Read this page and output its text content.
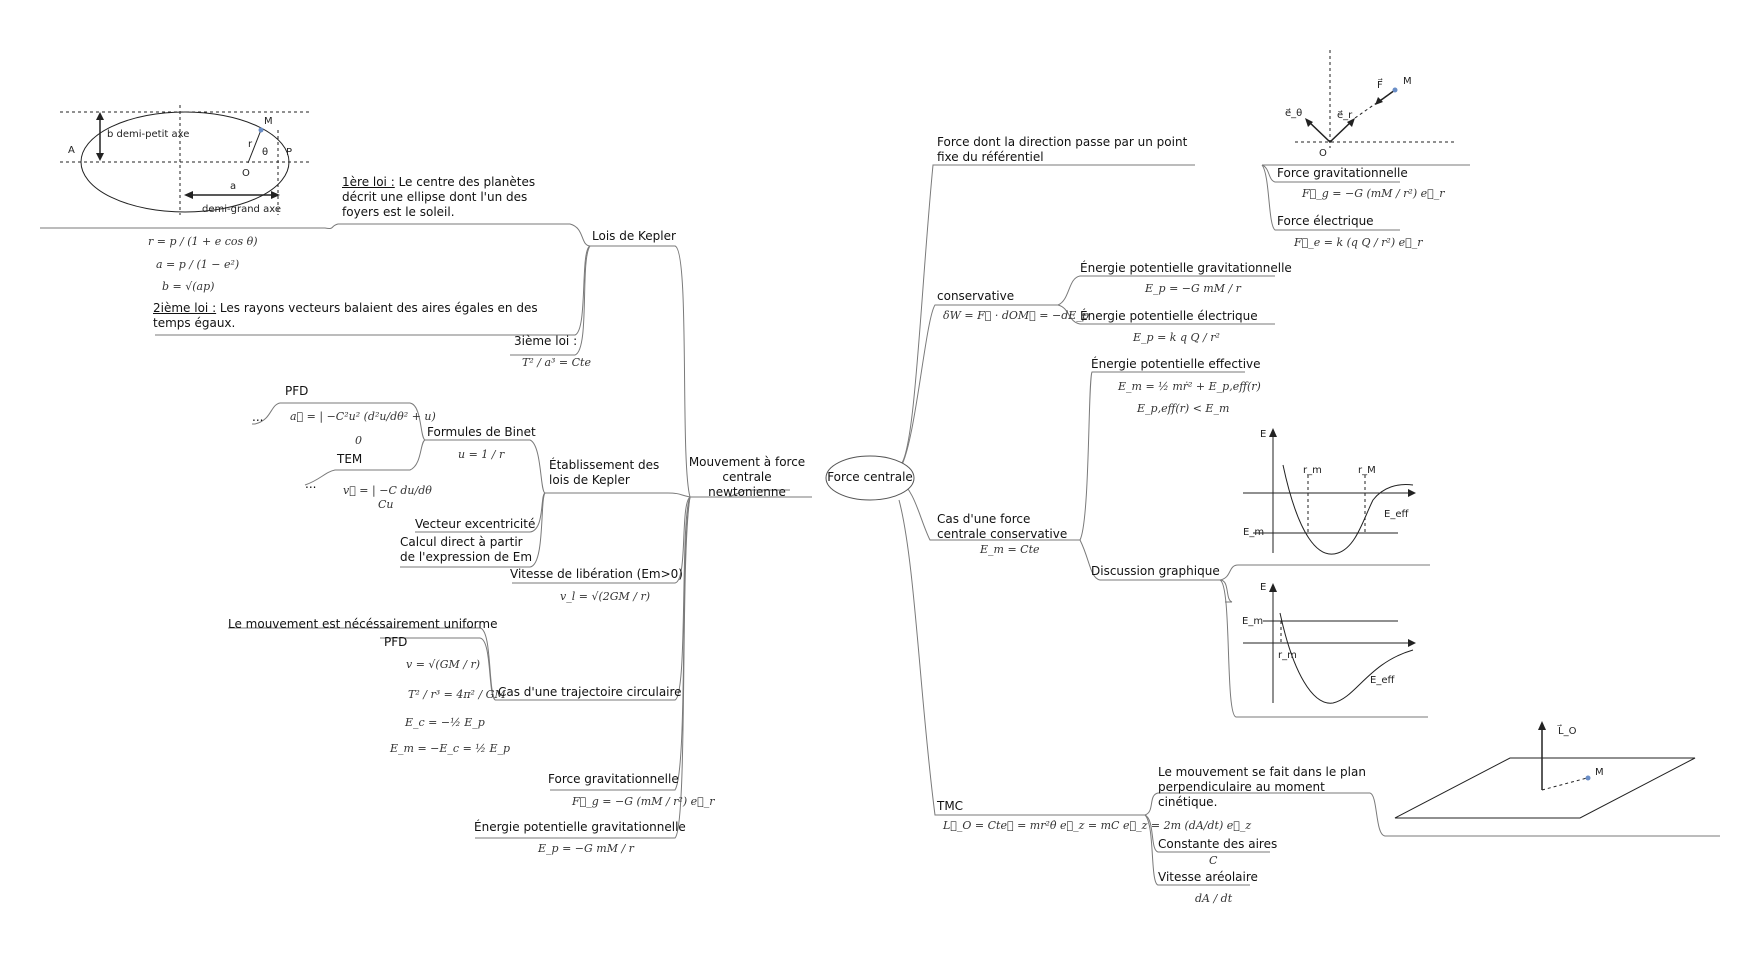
Force centrale
Mouvement à force centrale newtonienne
b demi-petit axe
demi-grand axe
a
A	P
M
O
r
θ
1ère loi : Le centre des planètes décrit une ellipse dont l'un des foyers est le soleil.
Lois de Kepler
r = p / (1 + e cos θ)
a = p / (1 − e²)
b = √(ap)
2ième loi : Les rayons vecteurs balaient des aires égales en des temps égaux.
3ième loi :
T² / a³ = Cte
Établissement des lois de Kepler
Formules de Binet
u = 1 / r
PFD
... a⃗ = | −C²u² (d²u/dθ² + u)
0
TEM
... v⃗ = | −C du/dθ
Cu
Vecteur excentricité
Calcul direct à partir de l'expression de Em
Vitesse de libération (Em>0)
v_l = √(2GM / r)
Le mouvement est nécéssairement uniforme
PFD
v = √(GM / r)
T² / r³ = 4π² / GM
E_c = −½ E_p
E_m = −E_c = ½ E_p
Cas d'une trajectoire circulaire
Force gravitationnelle
F⃗_g = −G (mM / r²) e⃗_r
Énergie potentielle gravitationnelle
E_p = −G mM / r
Force dont la direction passe par un point fixe du référentiel
F⃗ M
e⃗_r
e⃗_θ
O
Force gravitationnelle
F⃗_g = −G (mM / r²) e⃗_r
Force électrique
F⃗_e = k (q Q / r²) e⃗_r
conservative
δW = F⃗ · dOM⃗ = −dE_p
Énergie potentielle gravitationnelle
E_p = −G mM / r
Énergie potentielle électrique
E_p = k q Q / r²
Cas d'une force centrale conservative
E_m = Cte
Énergie potentielle effective
E_m = ½ mṙ² + E_p,eff(r)
E_p,eff(r) < E_m
Discussion graphique
E
r_m	r_M
E_m
E_eff
E
E_m
r_m
E_eff
TMC
L⃗_O = Cte⃗ = mr²θ̇ e⃗_z = mC e⃗_z = 2m (dA/dt) e⃗_z
Le mouvement se fait dans le plan perpendiculaire au moment cinétique.
Constante des aires
C
Vitesse aréolaire
dA / dt
L⃗_O
M
